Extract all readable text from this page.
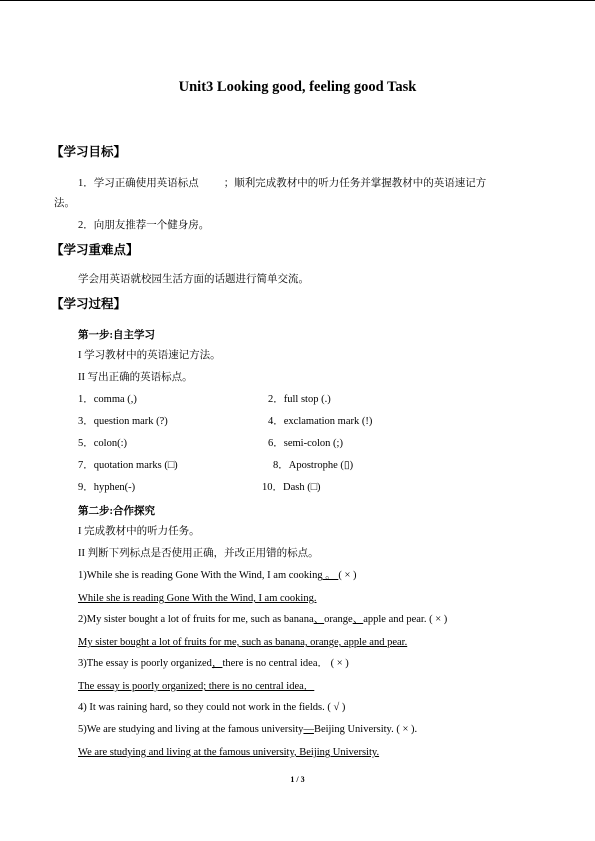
Unit3 Looking good, feeling good Task
【学习目标】
1．学习正确使用英语标点 ；顺利完成教材中的听力任务并掌握教材中的英语速记方
法。
2．向朋友推荐一个健身房。
【学习重难点】
学会用英语就校园生活方面的话题进行简单交流。
【学习过程】
第一步:自主学习
I 学习教材中的英语速记方法。
II 写出正确的英语标点。
1．comma (,)	2．full stop (.)
3．question mark (?)	4．exclamation mark (!)
5．colon(:)	6．semi-colon (;)
7．quotation marks (□)	8．Apostrophe (▯)
9．hyphen(-)	10．Dash (□)
第二步:合作探究
I 完成教材中的听力任务。
II 判断下列标点是否使用正确，并改正用错的标点。
1)While she is reading Gone With the Wind, I am cooking 。 ( × )
While she is reading Gone With the Wind, I am cooking.
2)My sister bought a lot of fruits for me, such as banana、orange、apple and pear. ( × )
My sister bought a lot of fruits for me, such as banana, orange, apple and pear.
3)The essay is poorly organized，there is no central idea． ( × )
The essay is poorly organized; there is no central idea．
4) It was raining hard, so they could not work in the fields. ( √ )
5)We are studying and living at the famous university—Beijing University. ( × ).
We are studying and living at the famous university, Beijing University.
1 / 3
